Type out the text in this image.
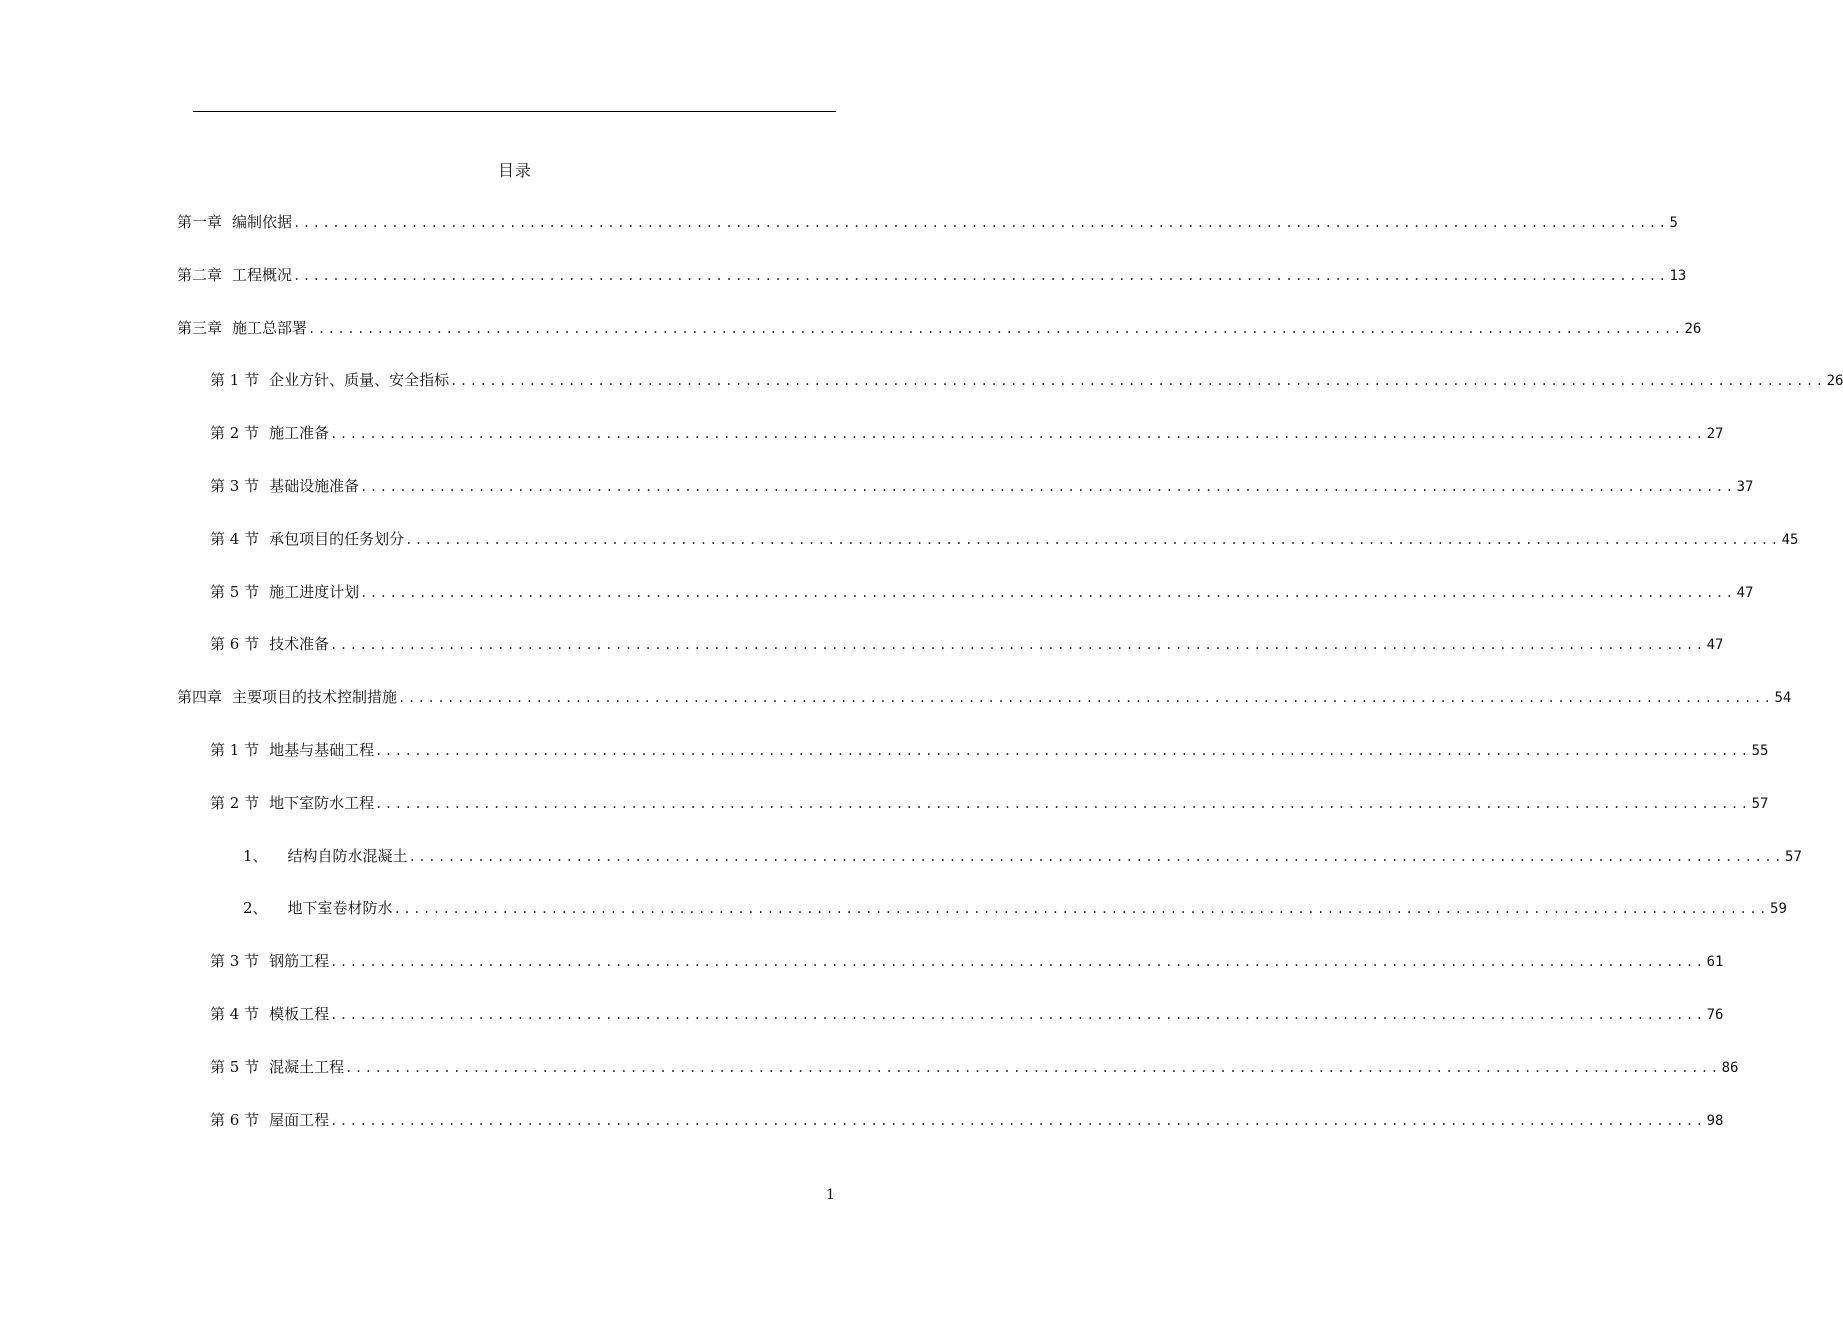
目录
第一章 编制依据 ............................................................................................................................................ 5
第二章 工程概况 ............................................................................................................................................ 13
第三章 施工总部署 ............................................................................................................................................ 26
第 1 节 企业方针、质量、安全指标 ............................................................................................................................................ 26
第 2 节 施工准备 ............................................................................................................................................ 27
第 3 节 基础设施准备 ............................................................................................................................................ 37
第 4 节 承包项目的任务划分 ............................................................................................................................................ 45
第 5 节 施工进度计划 ............................................................................................................................................ 47
第 6 节 技术准备 ............................................................................................................................................ 47
第四章 主要项目的技术控制措施 ............................................................................................................................................ 54
第 1 节 地基与基础工程 ............................................................................................................................................ 55
第 2 节 地下室防水工程 ............................................................................................................................................ 57
1、 结构自防水混凝土 ............................................................................................................................................ 57
2、 地下室卷材防水 ............................................................................................................................................ 59
第 3 节 钢筋工程 ............................................................................................................................................ 61
第 4 节 模板工程 ............................................................................................................................................ 76
第 5 节 混凝土工程 ............................................................................................................................................ 86
第 6 节 屋面工程 ............................................................................................................................................ 98
1
